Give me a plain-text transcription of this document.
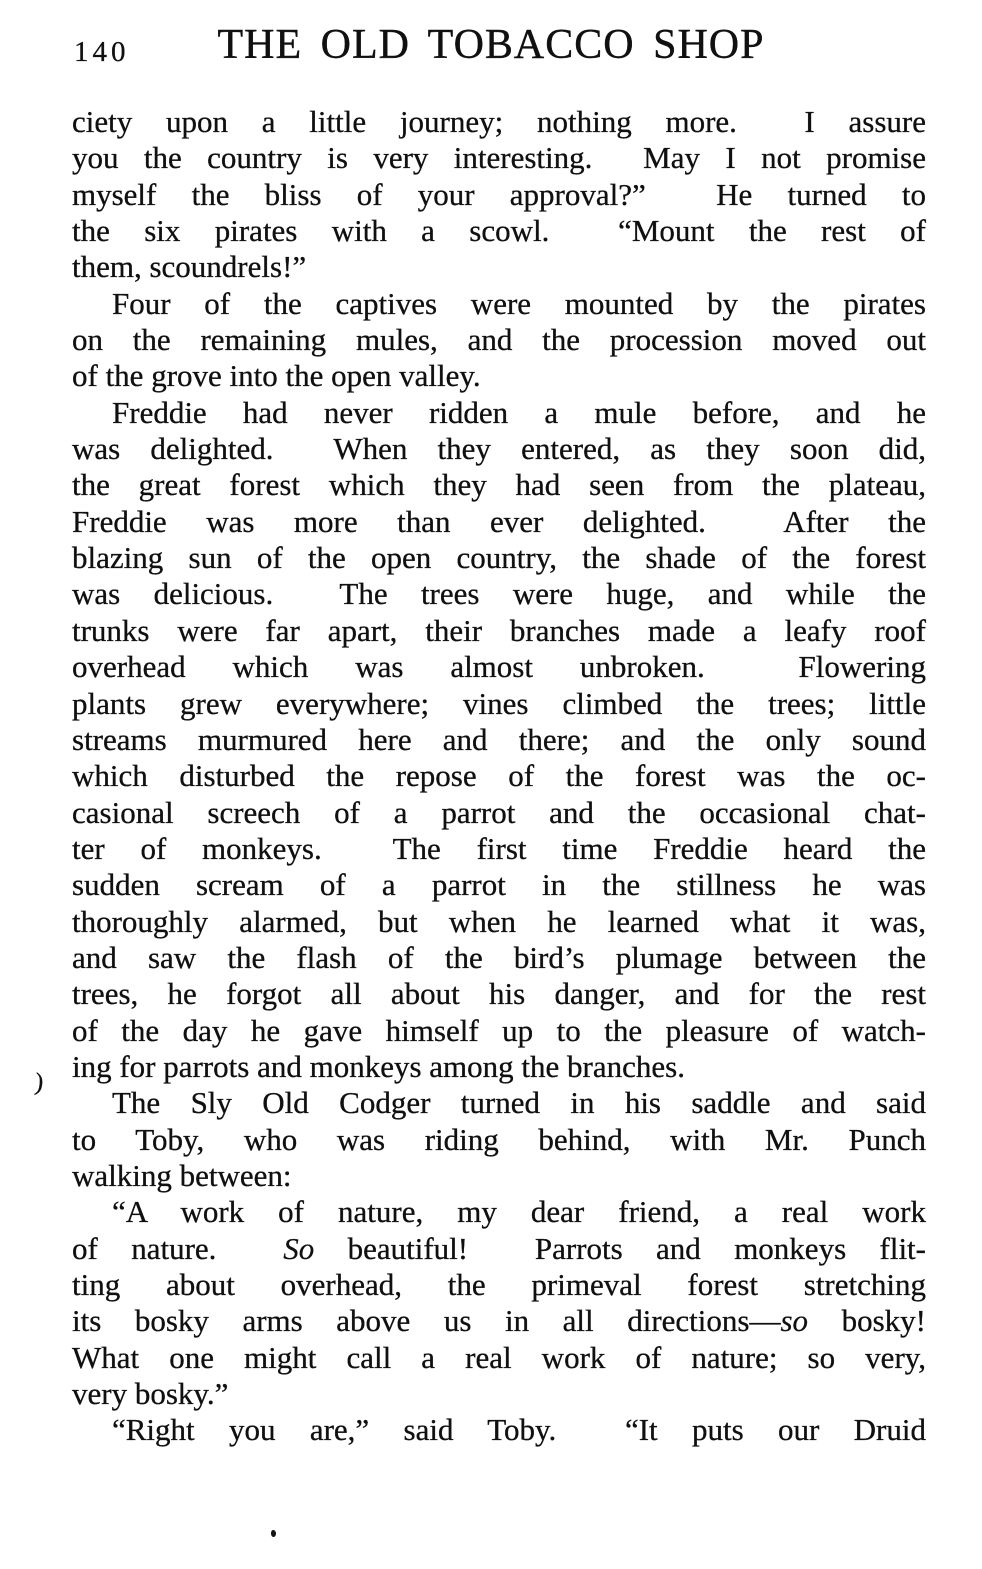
140	THE OLD TOBACCO SHOP
ciety upon a little journey; nothing more.  I assure
you the country is very interesting.  May I not promise
myself the bliss of your approval?”  He turned to
the six pirates with a scowl.  “Mount the rest of
them, scoundrels!”
Four of the captives were mounted by the pirates
on the remaining mules, and the procession moved out
of the grove into the open valley.
Freddie had never ridden a mule before, and he
was delighted.  When they entered, as they soon did,
the great forest which they had seen from the plateau,
Freddie was more than ever delighted.  After the
blazing sun of the open country, the shade of the forest
was delicious.  The trees were huge, and while the
trunks were far apart, their branches made a leafy roof
overhead which was almost unbroken.  Flowering
plants grew everywhere; vines climbed the trees; little
streams murmured here and there; and the only sound
which disturbed the repose of the forest was the oc-
casional screech of a parrot and the occasional chat-
ter of monkeys.  The first time Freddie heard the
sudden scream of a parrot in the stillness he was
thoroughly alarmed, but when he learned what it was,
and saw the flash of the bird’s plumage between the
trees, he forgot all about his danger, and for the rest
of the day he gave himself up to the pleasure of watch-
ing for parrots and monkeys among the branches.
The Sly Old Codger turned in his saddle and said
to Toby, who was riding behind, with Mr. Punch
walking between:
“A work of nature, my dear friend, a real work
of nature.  So beautiful!  Parrots and monkeys flit-
ting about overhead, the primeval forest stretching
its bosky arms above us in all directions—so bosky!
What one might call a real work of nature; so very,
very bosky.”
“Right you are,” said Toby.  “It puts our Druid
)
